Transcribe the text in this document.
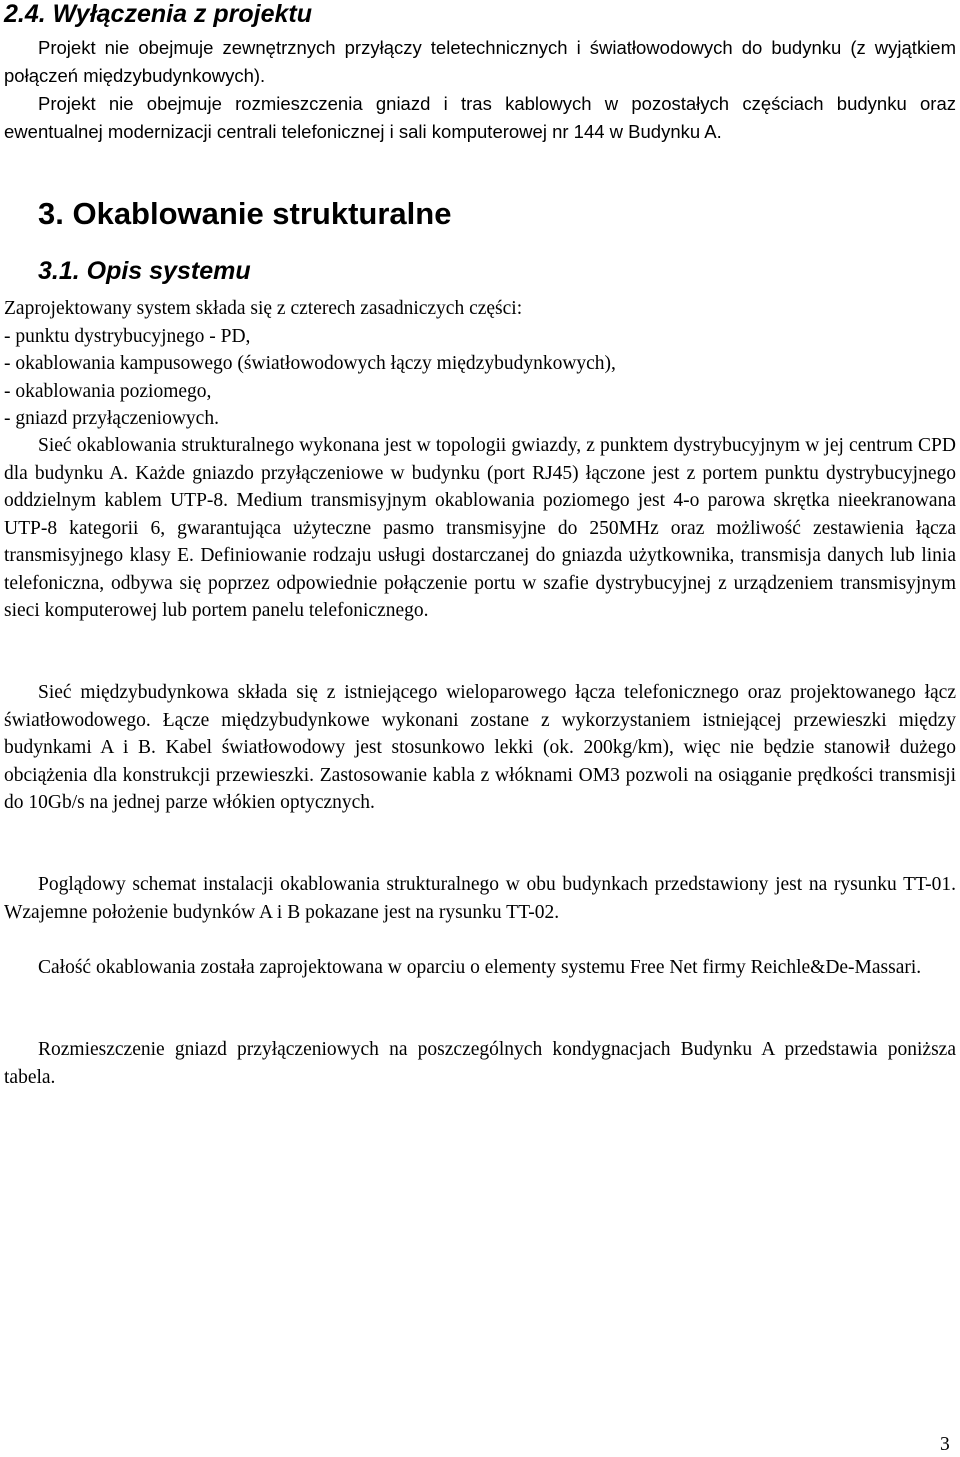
2.4. Wyłączenia z projektu

Projekt nie obejmuje zewnętrznych przyłączy teletechnicznych i światłowodowych do budynku (z wyjątkiem połączeń międzybudynkowych).

Projekt nie obejmuje rozmieszczenia gniazd i tras kablowych w pozostałych częściach budynku oraz ewentualnej modernizacji centrali telefonicznej i sali komputerowej nr 144 w Budynku A.

3. Okablowanie strukturalne
3.1. Opis systemu
Zaprojektowany system składa się z czterech zasadniczych części:
- punktu dystrybucyjnego - PD,
- okablowania kampusowego (światłowodowych łączy międzybudynkowych),
- okablowania poziomego,
- gniazd przyłączeniowych.

Sieć okablowania strukturalnego wykonana jest w topologii gwiazdy, z punktem dystrybucyjnym w jej centrum CPD dla budynku A. Każde gniazdo przyłączeniowe w budynku (port RJ45) łączone jest z portem punktu dystrybucyjnego oddzielnym kablem UTP-8. Medium transmisyjnym okablowania poziomego jest 4-o parowa skrętka nieekranowana UTP-8 kategorii 6, gwarantująca użyteczne pasmo transmisyjne do 250MHz oraz możliwość zestawienia łącza transmisyjnego klasy E. Definiowanie rodzaju usługi dostarczanej do gniazda użytkownika, transmisja danych lub linia telefoniczna, odbywa się poprzez odpowiednie połączenie portu w szafie dystrybucyjnej z urządzeniem transmisyjnym sieci komputerowej lub portem panelu telefonicznego.

Sieć międzybudynkowa składa się z istniejącego wieloparowego łącza telefonicznego oraz projektowanego łącz światłowodowego. Łącze międzybudynkowe wykonani zostane z wykorzystaniem istniejącej przewieszki między budynkami A i B. Kabel światłowodowy jest stosunkowo lekki (ok. 200kg/km), więc nie będzie stanowił dużego obciążenia dla konstrukcji przewieszki. Zastosowanie kabla z włóknami OM3 pozwoli na osiąganie prędkości transmisji do 10Gb/s na jednej parze włókien optycznych.

Poglądowy schemat instalacji okablowania strukturalnego w obu budynkach przedstawiony jest na rysunku TT-01. Wzajemne położenie budynków A i B pokazane jest na rysunku TT-02.

Całość okablowania została zaprojektowana w oparciu o elementy systemu Free Net firmy Reichle&De-Massari.

Rozmieszczenie gniazd przyłączeniowych na poszczególnych kondygnacjach Budynku A przedstawia poniższa tabela.

3
